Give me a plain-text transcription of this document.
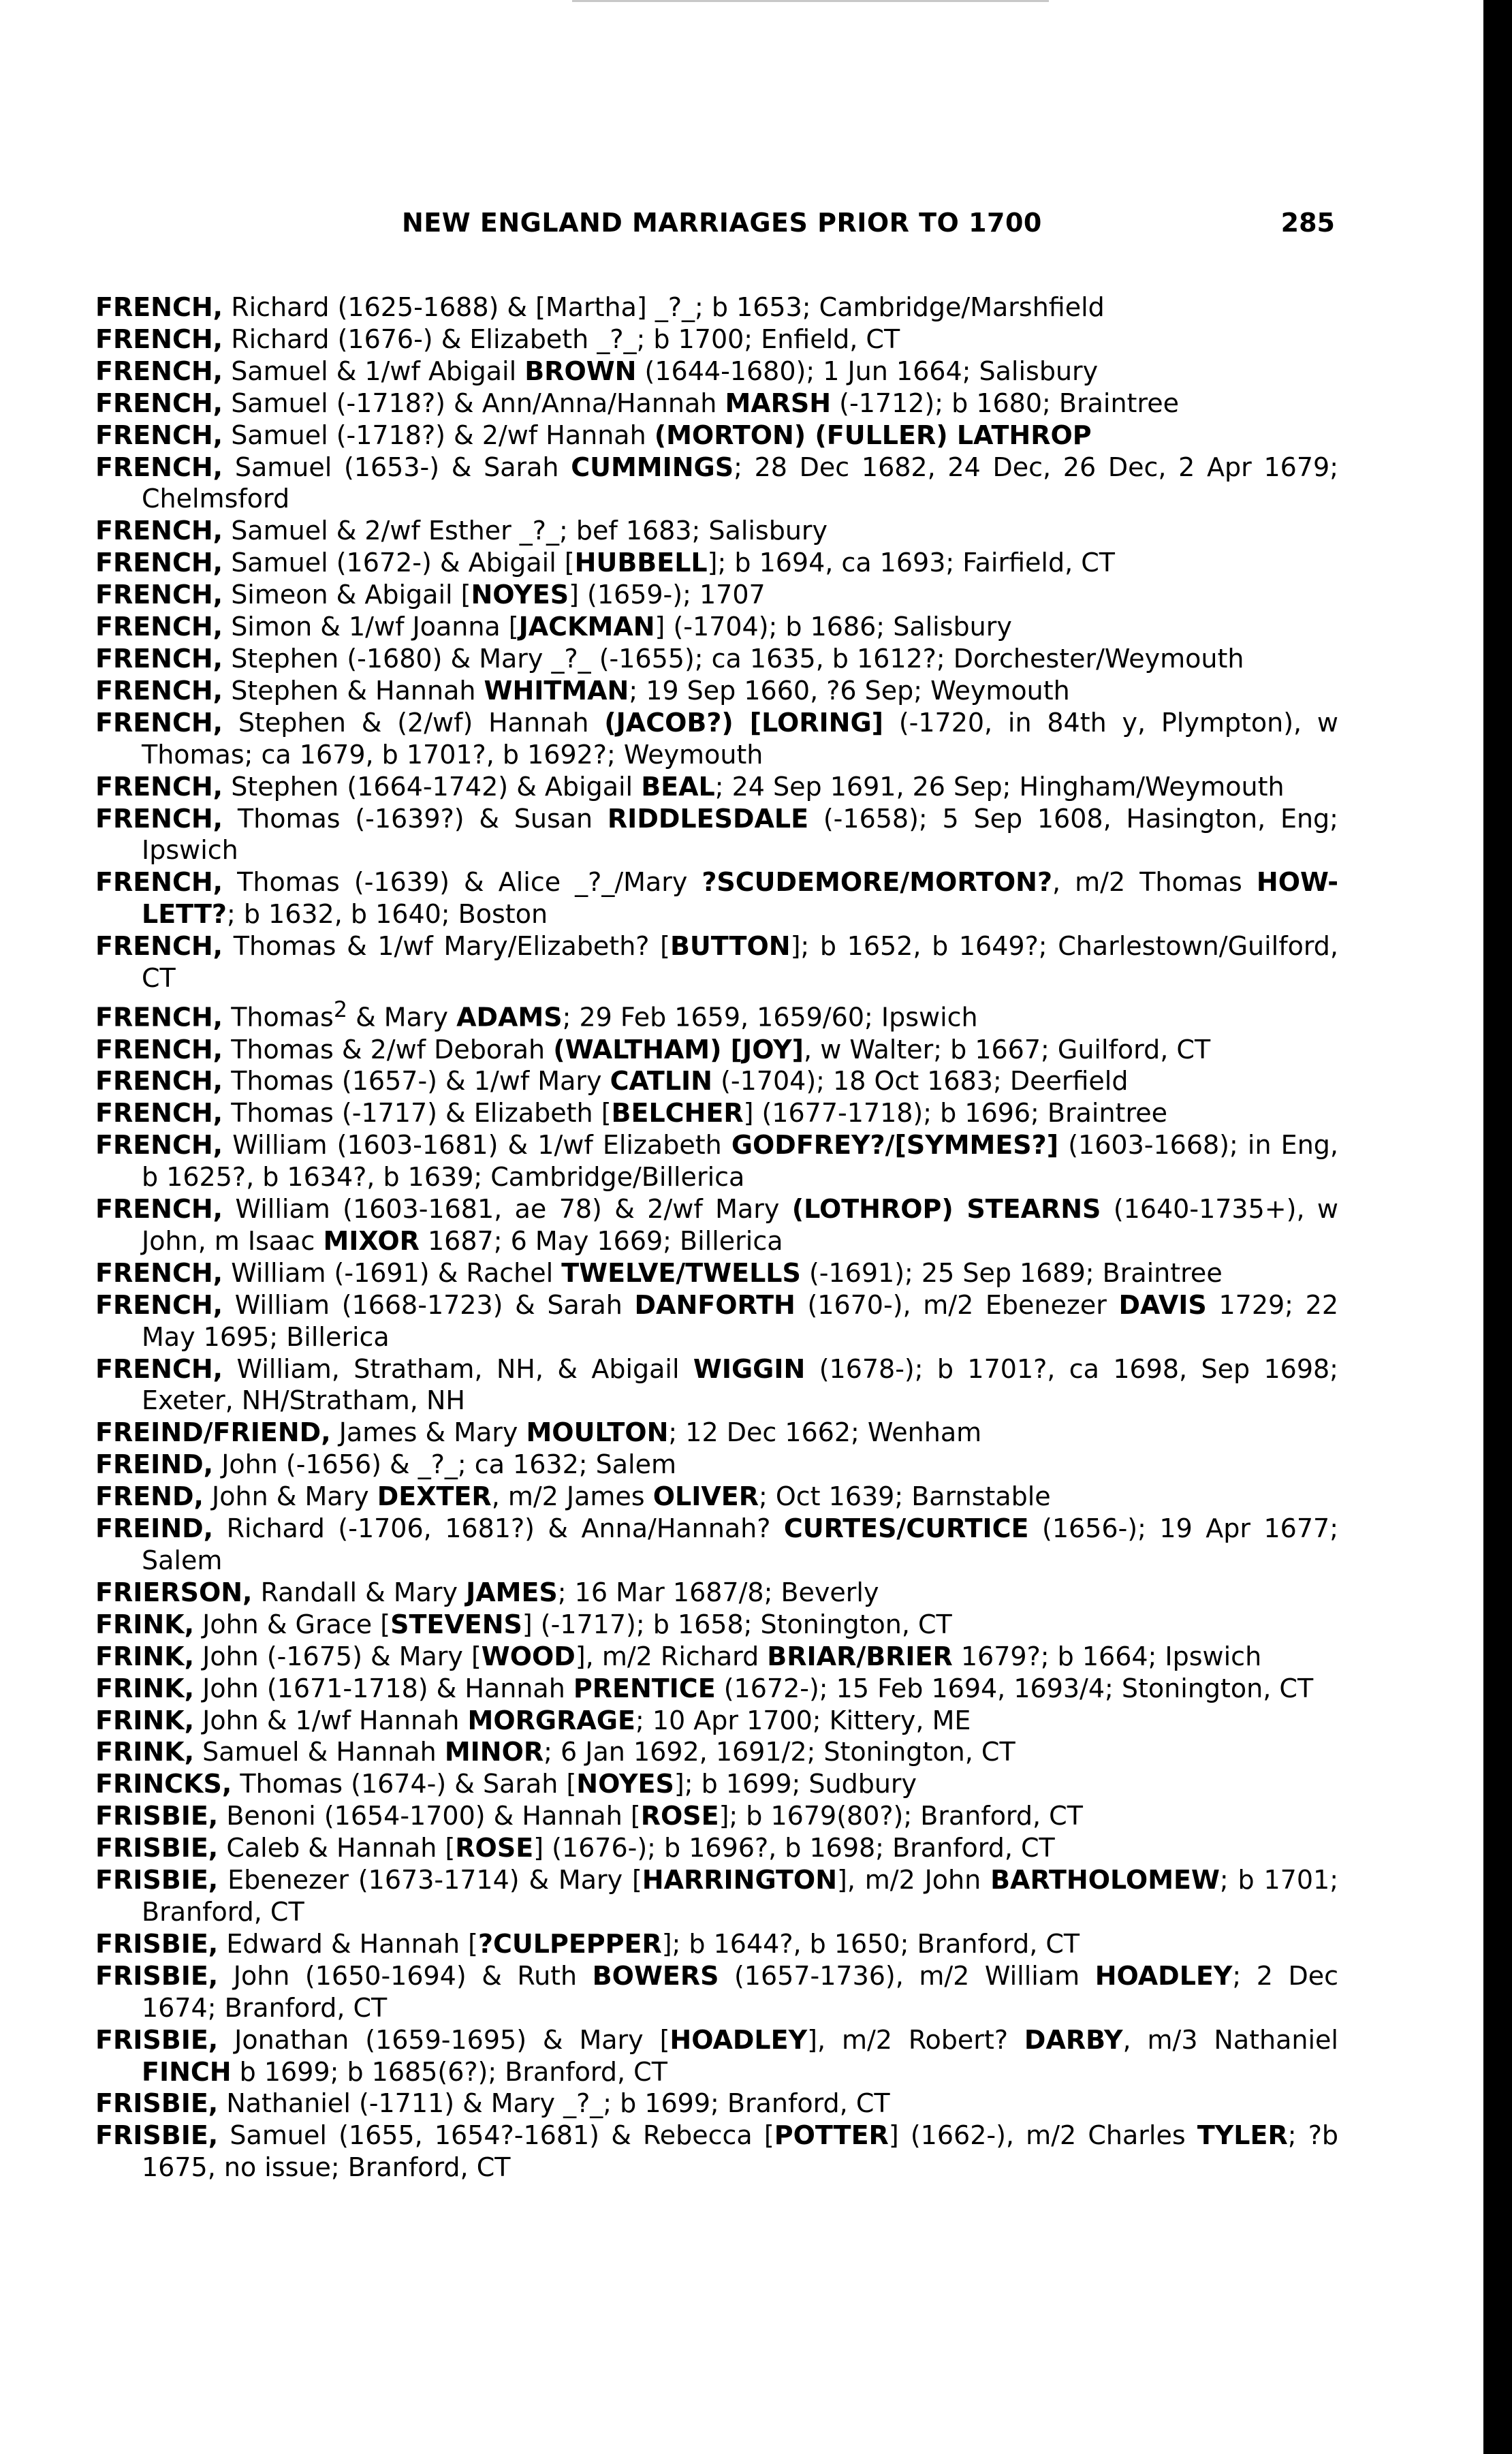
NEW ENGLAND MARRIAGES PRIOR TO 1700	285
FRENCH, Richard (1625-1688) & [Martha] _?_; b 1653; Cambridge/Marshfield
FRENCH, Richard (1676-) & Elizabeth _?_; b 1700; Enfield, CT
FRENCH, Samuel & 1/wf Abigail BROWN (1644-1680); 1 Jun 1664; Salisbury
FRENCH, Samuel (-1718?) & Ann/Anna/Hannah MARSH (-1712); b 1680; Braintree
FRENCH, Samuel (-1718?) & 2/wf Hannah (MORTON) (FULLER) LATHROP
FRENCH, Samuel (1653-) & Sarah CUMMINGS; 28 Dec 1682, 24 Dec, 26 Dec, 2 Apr 1679; Chelmsford
FRENCH, Samuel & 2/wf Esther _?_; bef 1683; Salisbury
FRENCH, Samuel (1672-) & Abigail [HUBBELL]; b 1694, ca 1693; Fairfield, CT
FRENCH, Simeon & Abigail [NOYES] (1659-); 1707
FRENCH, Simon & 1/wf Joanna [JACKMAN] (-1704); b 1686; Salisbury
FRENCH, Stephen (-1680) & Mary _?_ (-1655); ca 1635, b 1612?; Dorchester/Weymouth
FRENCH, Stephen & Hannah WHITMAN; 19 Sep 1660, ?6 Sep; Weymouth
FRENCH, Stephen & (2/wf) Hannah (JACOB?) [LORING] (-1720, in 84th y, Plympton), w Thomas; ca 1679, b 1701?, b 1692?; Weymouth
FRENCH, Stephen (1664-1742) & Abigail BEAL; 24 Sep 1691, 26 Sep; Hingham/Weymouth
FRENCH, Thomas (-1639?) & Susan RIDDLESDALE (-1658); 5 Sep 1608, Hasington, Eng; Ipswich
FRENCH, Thomas (-1639) & Alice _?_/Mary ?SCUDEMORE/MORTON?, m/2 Thomas HOW-LETT?; b 1632, b 1640; Boston
FRENCH, Thomas & 1/wf Mary/Elizabeth? [BUTTON]; b 1652, b 1649?; Charlestown/Guilford, CT
FRENCH, Thomas$^2$ & Mary ADAMS; 29 Feb 1659, 1659/60; Ipswich
FRENCH, Thomas & 2/wf Deborah (WALTHAM) [JOY], w Walter; b 1667; Guilford, CT
FRENCH, Thomas (1657-) & 1/wf Mary CATLIN (-1704); 18 Oct 1683; Deerfield
FRENCH, Thomas (-1717) & Elizabeth [BELCHER] (1677-1718); b 1696; Braintree
FRENCH, William (1603-1681) & 1/wf Elizabeth GODFREY?/[SYMMES?] (1603-1668); in Eng, b 1625?, b 1634?, b 1639; Cambridge/Billerica
FRENCH, William (1603-1681, ae 78) & 2/wf Mary (LOTHROP) STEARNS (1640-1735+), w John, m Isaac MIXOR 1687; 6 May 1669; Billerica
FRENCH, William (-1691) & Rachel TWELVE/TWELLS (-1691); 25 Sep 1689; Braintree
FRENCH, William (1668-1723) & Sarah DANFORTH (1670-), m/2 Ebenezer DAVIS 1729; 22 May 1695; Billerica
FRENCH, William, Stratham, NH, & Abigail WIGGIN (1678-); b 1701?, ca 1698, Sep 1698; Exeter, NH/Stratham, NH
FREIND/FRIEND, James & Mary MOULTON; 12 Dec 1662; Wenham
FREIND, John (-1656) & _?_; ca 1632; Salem
FREND, John & Mary DEXTER, m/2 James OLIVER; Oct 1639; Barnstable
FREIND, Richard (-1706, 1681?) & Anna/Hannah? CURTES/CURTICE (1656-); 19 Apr 1677; Salem
FRIERSON, Randall & Mary JAMES; 16 Mar 1687/8; Beverly
FRINK, John & Grace [STEVENS] (-1717); b 1658; Stonington, CT
FRINK, John (-1675) & Mary [WOOD], m/2 Richard BRIAR/BRIER 1679?; b 1664; Ipswich
FRINK, John (1671-1718) & Hannah PRENTICE (1672-); 15 Feb 1694, 1693/4; Stonington, CT
FRINK, John & 1/wf Hannah MORGRAGE; 10 Apr 1700; Kittery, ME
FRINK, Samuel & Hannah MINOR; 6 Jan 1692, 1691/2; Stonington, CT
FRINCKS, Thomas (1674-) & Sarah [NOYES]; b 1699; Sudbury
FRISBIE, Benoni (1654-1700) & Hannah [ROSE]; b 1679(80?); Branford, CT
FRISBIE, Caleb & Hannah [ROSE] (1676-); b 1696?, b 1698; Branford, CT
FRISBIE, Ebenezer (1673-1714) & Mary [HARRINGTON], m/2 John BARTHOLOMEW; b 1701; Branford, CT
FRISBIE, Edward & Hannah [?CULPEPPER]; b 1644?, b 1650; Branford, CT
FRISBIE, John (1650-1694) & Ruth BOWERS (1657-1736), m/2 William HOADLEY; 2 Dec 1674; Branford, CT
FRISBIE, Jonathan (1659-1695) & Mary [HOADLEY], m/2 Robert? DARBY, m/3 Nathaniel FINCH b 1699; b 1685(6?); Branford, CT
FRISBIE, Nathaniel (-1711) & Mary _?_; b 1699; Branford, CT
FRISBIE, Samuel (1655, 1654?-1681) & Rebecca [POTTER] (1662-), m/2 Charles TYLER; ?b 1675, no issue; Branford, CT
